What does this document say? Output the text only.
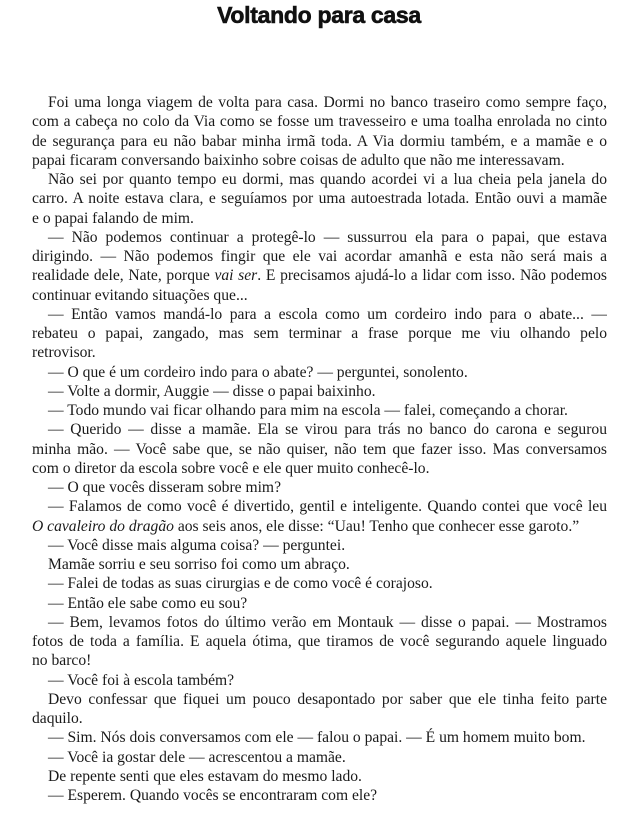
Voltando para casa
Foi uma longa viagem de volta para casa. Dormi no banco traseiro como sempre faço,
com a cabeça no colo da Via como se fosse um travesseiro e uma toalha enrolada no cinto
de segurança para eu não babar minha irmã toda. A Via dormiu também, e a mamãe e o
papai ficaram conversando baixinho sobre coisas de adulto que não me interessavam.
Não sei por quanto tempo eu dormi, mas quando acordei vi a lua cheia pela janela do
carro. A noite estava clara, e seguíamos por uma autoestrada lotada. Então ouvi a mamãe
e o papai falando de mim.
— Não podemos continuar a protegê-lo — sussurrou ela para o papai, que estava
dirigindo. — Não podemos fingir que ele vai acordar amanhã e esta não será mais a
realidade dele, Nate, porque vai ser. E precisamos ajudá-lo a lidar com isso. Não podemos
continuar evitando situações que...
— Então vamos mandá-lo para a escola como um cordeiro indo para o abate... —
rebateu o papai, zangado, mas sem terminar a frase porque me viu olhando pelo
retrovisor.
— O que é um cordeiro indo para o abate? — perguntei, sonolento.
— Volte a dormir, Auggie — disse o papai baixinho.
— Todo mundo vai ficar olhando para mim na escola — falei, começando a chorar.
— Querido — disse a mamãe. Ela se virou para trás no banco do carona e segurou
minha mão. — Você sabe que, se não quiser, não tem que fazer isso. Mas conversamos
com o diretor da escola sobre você e ele quer muito conhecê-lo.
— O que vocês disseram sobre mim?
— Falamos de como você é divertido, gentil e inteligente. Quando contei que você leu
O cavaleiro do dragão aos seis anos, ele disse: “Uau! Tenho que conhecer esse garoto.”
— Você disse mais alguma coisa? — perguntei.
Mamãe sorriu e seu sorriso foi como um abraço.
— Falei de todas as suas cirurgias e de como você é corajoso.
— Então ele sabe como eu sou?
— Bem, levamos fotos do último verão em Montauk — disse o papai. — Mostramos
fotos de toda a família. E aquela ótima, que tiramos de você segurando aquele linguado
no barco!
— Você foi à escola também?
Devo confessar que fiquei um pouco desapontado por saber que ele tinha feito parte
daquilo.
— Sim. Nós dois conversamos com ele — falou o papai. — É um homem muito bom.
— Você ia gostar dele — acrescentou a mamãe.
De repente senti que eles estavam do mesmo lado.
— Esperem. Quando vocês se encontraram com ele?
